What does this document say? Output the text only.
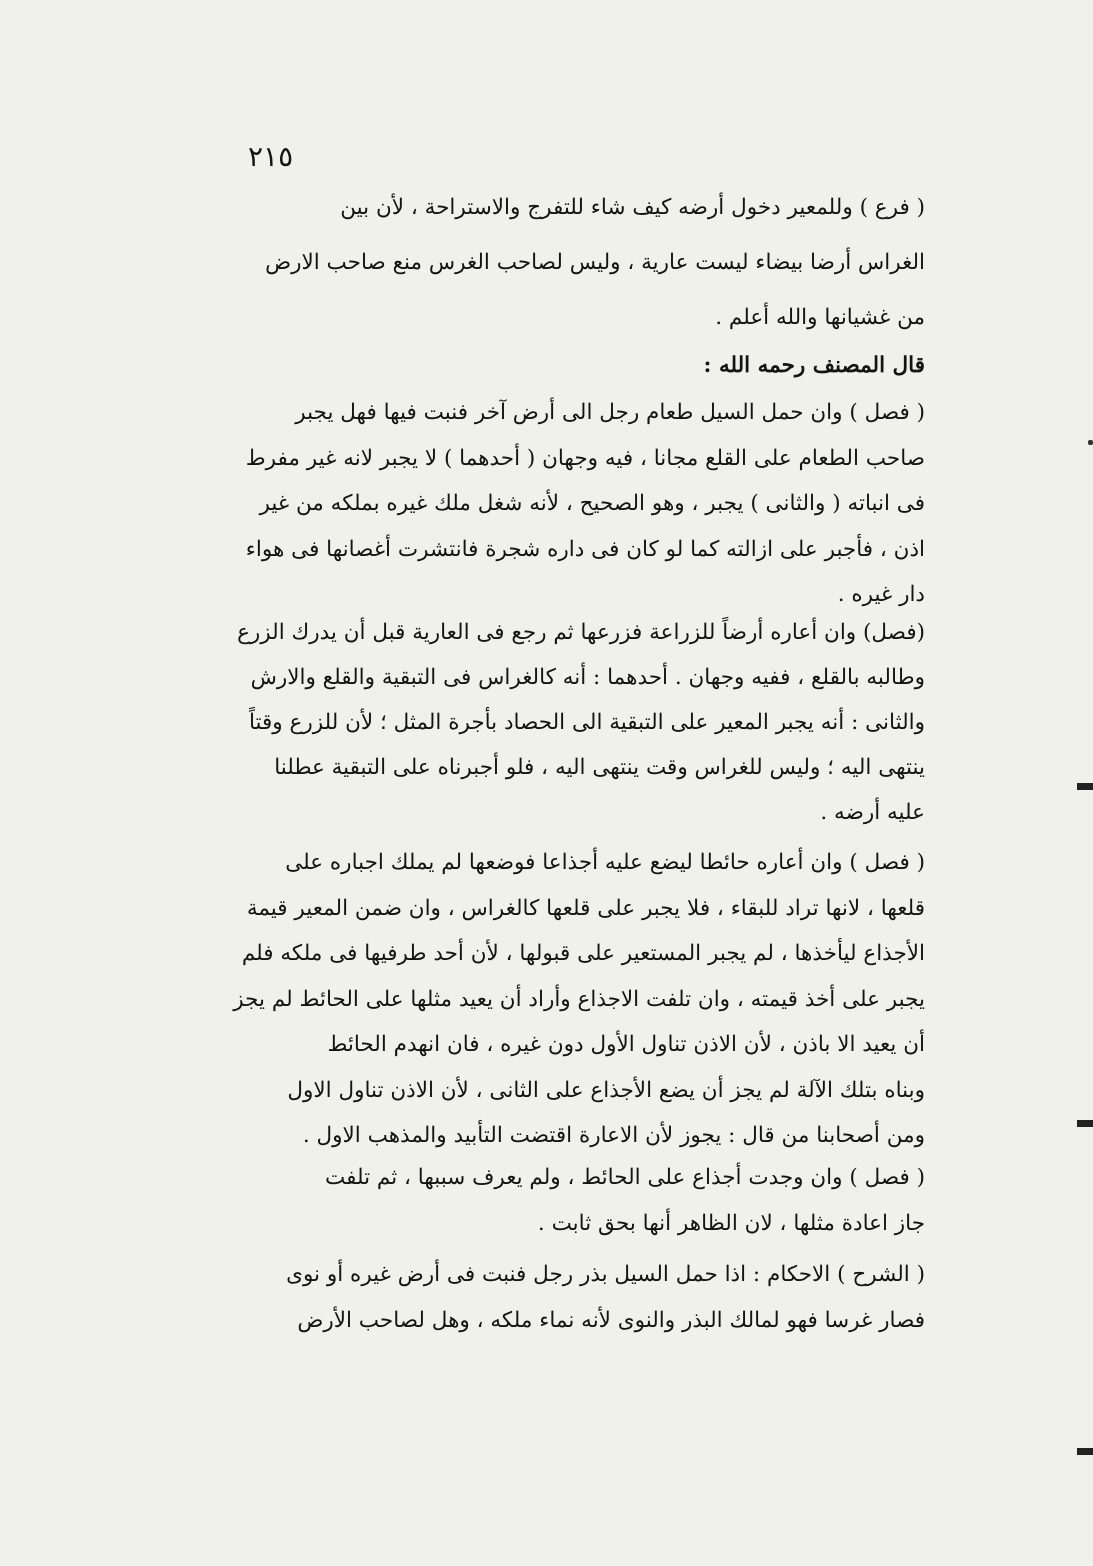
٢١٥
( فرع ) وللمعير دخول أرضه كيف شاء للتفرج والاستراحة ، لأن بين
الغراس أرضا بيضاء ليست عارية ، وليس لصاحب الغرس منع صاحب الارض
من غشيانها والله أعلم .
قال المصنف رحمه الله :
( فصل ) وان حمل السيل طعام رجل الى أرض آخر فنبت فيها فهل يجبر
صاحب الطعام على القلع مجانا ، فيه وجهان ( أحدهما ) لا يجبر لانه غير مفرط
فى انباته ( والثانى ) يجبر ، وهو الصحيح ، لأنه شغل ملك غيره بملكه من غير
اذن ، فأجبر على ازالته كما لو كان فى داره شجرة فانتشرت أغصانها فى هواء
دار غيره .
(فصل) وان أعاره أرضاً للزراعة فزرعها ثم رجع فى العارية قبل أن يدرك الزرع
وطالبه بالقلع ، ففيه وجهان . أحدهما : أنه كالغراس فى التبقية والقلع والارش
والثانى : أنه يجبر المعير على التبقية الى الحصاد بأجرة المثل ؛ لأن للزرع وقتاً
ينتهى اليه ؛ وليس للغراس وقت ينتهى اليه ، فلو أجبرناه على التبقية عطلنا
عليه أرضه .
( فصل ) وان أعاره حائطا ليضع عليه أجذاعا فوضعها لم يملك اجباره على
قلعها ، لانها تراد للبقاء ، فلا يجبر على قلعها كالغراس ، وان ضمن المعير قيمة
الأجذاع ليأخذها ، لم يجبر المستعير على قبولها ، لأن أحد طرفيها فى ملكه فلم
يجبر على أخذ قيمته ، وان تلفت الاجذاع وأراد أن يعيد مثلها على الحائط لم يجز
أن يعيد الا باذن ، لأن الاذن تناول الأول دون غيره ، فان انهدم الحائط
وبناه بتلك الآلة لم يجز أن يضع الأجذاع على الثانى ، لأن الاذن تناول الاول
ومن أصحابنا من قال : يجوز لأن الاعارة اقتضت التأبيد والمذهب الاول .
( فصل ) وان وجدت أجذاع على الحائط ، ولم يعرف سببها ، ثم تلفت
جاز اعادة مثلها ، لان الظاهر أنها بحق ثابت .
( الشرح ) الاحكام : اذا حمل السيل بذر رجل فنبت فى أرض غيره أو نوى
فصار غرسا فهو لمالك البذر والنوى لأنه نماء ملكه ، وهل لصاحب الأرض
